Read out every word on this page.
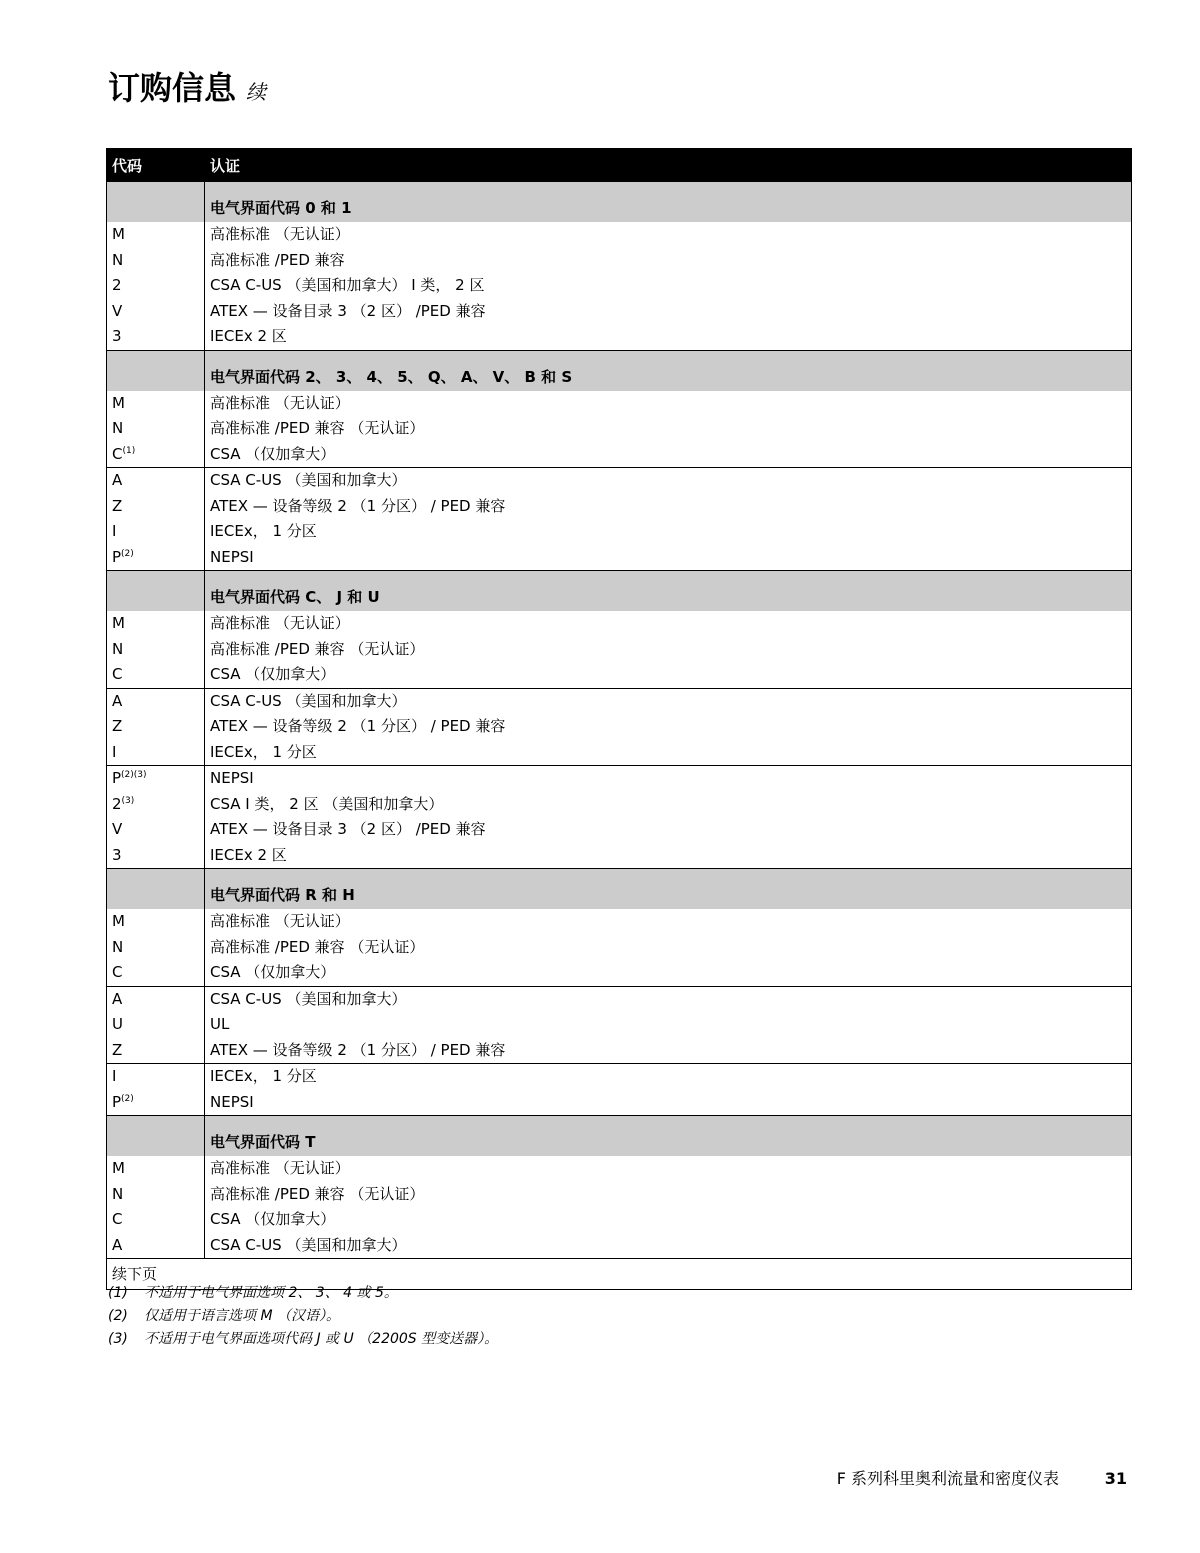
订购信息 续
代码	认证
电气界面代码 0 和 1
M	高准标准 （无认证）
N	高准标准 /PED 兼容
2	CSA C-US （美国和加拿大） I 类， 2 区
V	ATEX — 设备目录 3 （2 区） /PED 兼容
3	IECEx 2 区
电气界面代码 2、 3、 4、 5、 Q、 A、 V、 B 和 S
M	高准标准 （无认证）
N	高准标准 /PED 兼容 （无认证）
$C^{(1)}$	CSA （仅加拿大）
A	CSA C-US （美国和加拿大）
Z	ATEX — 设备等级 2 （1 分区） / PED 兼容
I	IECEx， 1 分区
$P^{(2)}$	NEPSI
电气界面代码 C、 J 和 U
M	高准标准 （无认证）
N	高准标准 /PED 兼容 （无认证）
C	CSA （仅加拿大）
A	CSA C-US （美国和加拿大）
Z	ATEX — 设备等级 2 （1 分区） / PED 兼容
I	IECEx， 1 分区
$P^{(2)(3)}$	NEPSI
2$^{(3)}$	CSA I 类， 2 区 （美国和加拿大）
V	ATEX — 设备目录 3 （2 区） /PED 兼容
3	IECEx 2 区
电气界面代码 R 和 H
M	高准标准 （无认证）
N	高准标准 /PED 兼容 （无认证）
C	CSA （仅加拿大）
A	CSA C-US （美国和加拿大）
U	UL
Z	ATEX — 设备等级 2 （1 分区） / PED 兼容
I	IECEx， 1 分区
$P^{(2)}$	NEPSI
电气界面代码 T
M	高准标准 （无认证）
N	高准标准 /PED 兼容 （无认证）
C	CSA （仅加拿大）
A	CSA C-US （美国和加拿大）
续下页
(1) 不适用于电气界面选项 2、 3、 4 或 5。
(2) 仅适用于语言选项 M （汉语）。
(3) 不适用于电气界面选项代码 J 或 U （2200S 型变送器）。
F 系列科里奥利流量和密度仪表	31
